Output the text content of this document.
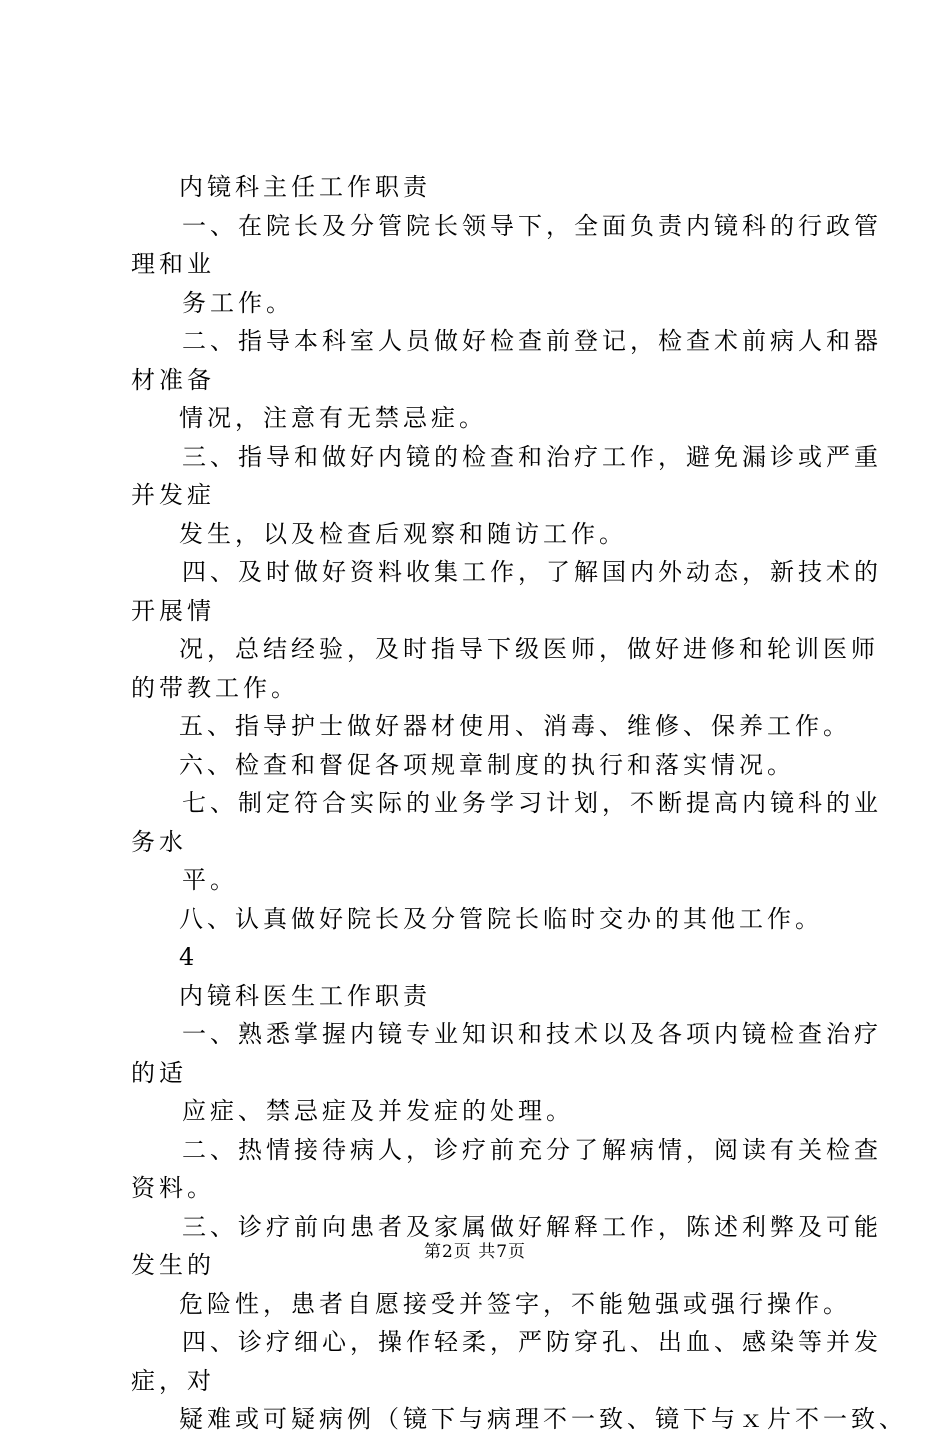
内镜科主任工作职责
一、在院长及分管院长领导下，全面负责内镜科的行政管
理和业
务工作。
二、指导本科室人员做好检查前登记，检查术前病人和器
材准备
情况，注意有无禁忌症。
三、指导和做好内镜的检查和治疗工作，避免漏诊或严重
并发症
发生，以及检查后观察和随访工作。
四、及时做好资料收集工作，了解国内外动态，新技术的
开展情
况，总结经验，及时指导下级医师，做好进修和轮训医师
的带教工作。
五、指导护士做好器材使用、消毒、维修、保养工作。
六、检查和督促各项规章制度的执行和落实情况。
七、制定符合实际的业务学习计划，不断提高内镜科的业
务水
平。
八、认真做好院长及分管院长临时交办的其他工作。
4
内镜科医生工作职责
一、熟悉掌握内镜专业知识和技术以及各项内镜检查治疗
的适
应症、禁忌症及并发症的处理。
二、热情接待病人，诊疗前充分了解病情，阅读有关检查
资料。
三、诊疗前向患者及家属做好解释工作，陈述利弊及可能
发生的
危险性，患者自愿接受并签字，不能勉强或强行操作。
四、诊疗细心，操作轻柔，严防穿孔、出血、感染等并发
症，对
疑难或可疑病例（镜下与病理不一致、镜下与ｘ片不一致、
第2页 共7页
